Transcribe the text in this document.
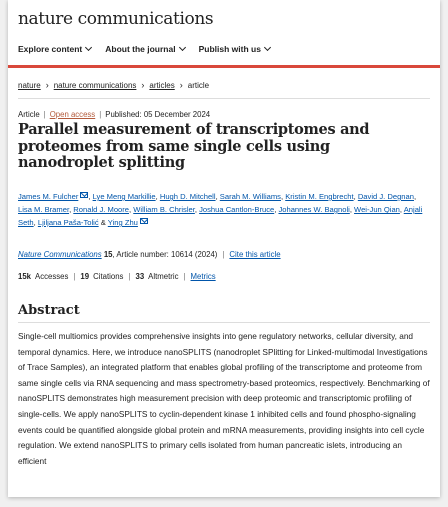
nature communications
Explore content	About the journal	Publish with us
nature › nature communications › articles › article
Article | Open access | Published: 05 December 2024
Parallel measurement of transcriptomes and proteomes from same single cells using nanodroplet splitting
James M. Fulcher , Lye Meng Markillie, Hugh D. Mitchell, Sarah M. Williams, Kristin M. Engbrecht, David J. Degnan, Lisa M. Bramer, Ronald J. Moore, William B. Chrisler, Joshua Cantlon-Bruce, Johannes W. Bagnoli, Wei-Jun Qian, Anjali Seth, Ljiljana Paša-Tolić & Ying Zhu
Nature Communications
15 , Article number: 10614 (2024) | Cite this article
15k Accesses | 19 Citations | 33 Altmetric | Metrics
Abstract

Single-cell multiomics provides comprehensive insights into gene regulatory networks, cellular diversity, and temporal dynamics. Here, we introduce nanoSPLITS (nanodroplet SPlitting for Linked-multimodal Investigations of Trace Samples), an integrated platform that enables global profiling of the transcriptome and proteome from same single cells via RNA sequencing and mass spectrometry-based proteomics, respectively. Benchmarking of nanoSPLITS demonstrates high measurement precision with deep proteomic and transcriptomic profiling of single-cells. We apply nanoSPLITS to cyclin-dependent kinase 1 inhibited cells and found phospho-signaling events could be quantified alongside global protein and mRNA measurements, providing insights into cell cycle regulation. We extend nanoSPLITS to primary cells isolated from human pancreatic islets, introducing an efficient
